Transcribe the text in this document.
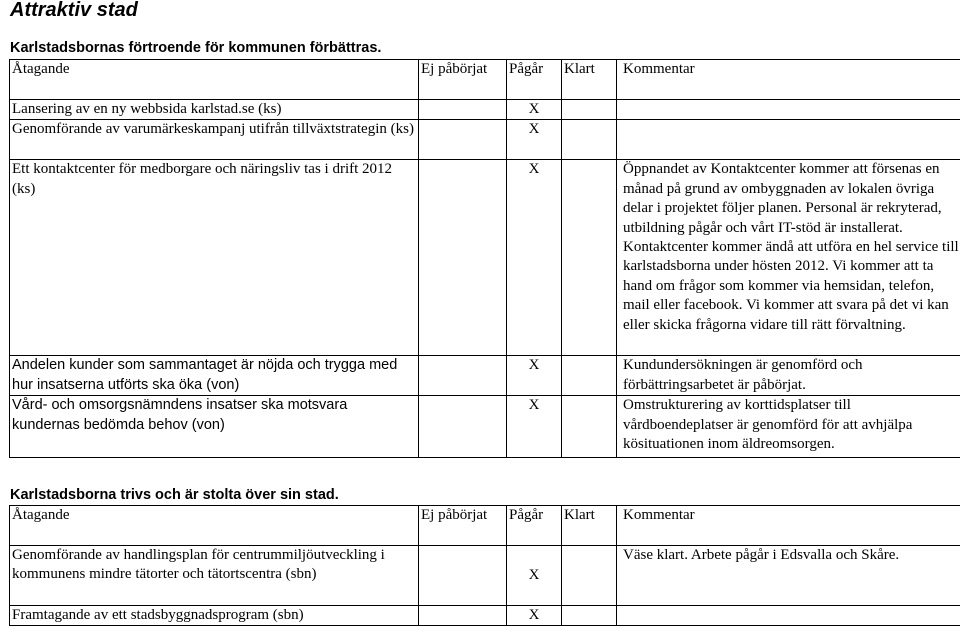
Attraktiv stad
Karlstadsbornas förtroende för kommunen förbättras.
Åtagande	Ej påbörjat	Pågår	Klart	Kommentar
Lansering av en ny webbsida karlstad.se (ks)		X		
Genomförande av varumärkeskampanj utifrån tillväxtstrategin (ks)		X		
Ett kontaktcenter för medborgare och näringsliv tas i drift 2012 (ks)		X		Öppnandet av Kontaktcenter kommer att försenas en månad på grund av ombyggnaden av lokalen övriga delar i projektet följer planen. Personal är rekryterad, utbildning pågår och vårt IT-stöd är installerat. Kontaktcenter kommer ändå att utföra en hel service till karlstadsborna under hösten 2012. Vi kommer att ta hand om frågor som kommer via hemsidan, telefon, mail eller facebook. Vi kommer att svara på det vi kan eller skicka frågorna vidare till rätt förvaltning.
Andelen kunder som sammantaget är nöjda och trygga med hur insatserna utförts ska öka (von)		X		Kundundersökningen är genomförd och förbättringsarbetet är påbörjat.
Vård- och omsorgsnämndens insatser ska motsvara kundernas bedömda behov (von)		X		Omstrukturering av korttidsplatser till vårdboendeplatser är genomförd för att avhjälpa kösituationen inom äldreomsorgen.
Karlstadsborna trivs och är stolta över sin stad.
Åtagande	Ej påbörjat	Pågår	Klart	Kommentar
Genomförande av handlingsplan för centrummiljöutveckling i kommunens mindre tätorter och tätortscentra (sbn)		X		Väse klart. Arbete pågår i Edsvalla och Skåre.
Framtagande av ett stadsbyggnadsprogram (sbn)		X		
